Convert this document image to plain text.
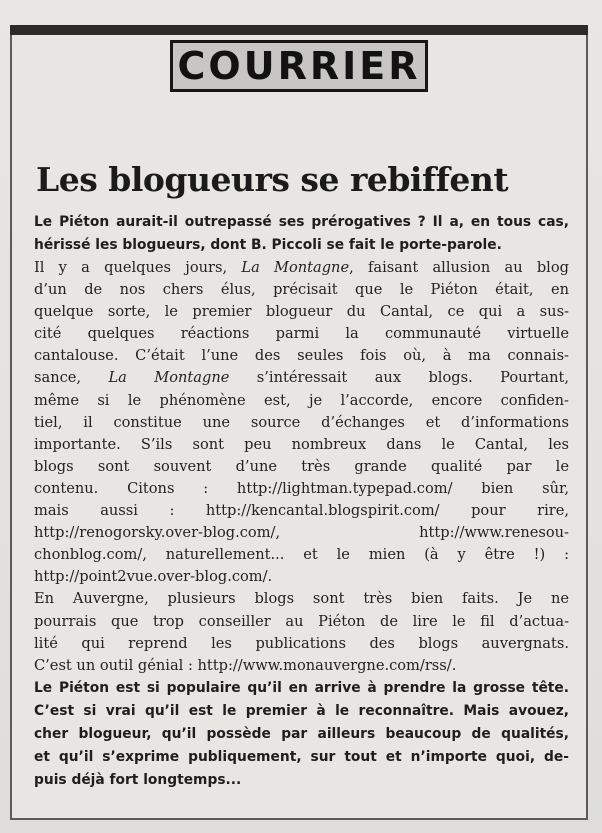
COURRIER
Les blogueurs se rebiffent

Le Piéton aurait-il outrepassé ses prérogatives ? Il a, en tous cas,
hérissé les blogueurs, dont B. Piccoli se fait le porte-parole.

Il y a quelques jours, La Montagne, faisant allusion au blog
d’un de nos chers élus, précisait que le Piéton était, en
quelque sorte, le premier blogueur du Cantal, ce qui a sus-
cité quelques réactions parmi la communauté virtuelle
cantalouse. C’était l’une des seules fois où, à ma connais-
sance, La Montagne s’intéressait aux blogs. Pourtant,
même si le phénomène est, je l’accorde, encore confiden-
tiel, il constitue une source d’échanges et d’informations
importante. S’ils sont peu nombreux dans le Cantal, les
blogs sont souvent d’une très grande qualité par le
contenu. Citons : http://lightman.typepad.com/ bien sûr,
mais aussi : http://kencantal.blogspirit.com/ pour rire,
http://renogorsky.over-blog.com/, http://www.renesou-
chonblog.com/, naturellement... et le mien (à y être !) :
http://point2vue.over-blog.com/.

En Auvergne, plusieurs blogs sont très bien faits. Je ne
pourrais que trop conseiller au Piéton de lire le fil d’actua-
lité qui reprend les publications des blogs auvergnats.
C’est un outil génial : http://www.monauvergne.com/rss/.

Le Piéton est si populaire qu’il en arrive à prendre la grosse tête.
C’est si vrai qu’il est le premier à le reconnaître. Mais avouez,
cher blogueur, qu’il possède par ailleurs beaucoup de qualités,
et qu’il s’exprime publiquement, sur tout et n’importe quoi, de-
puis déjà fort longtemps...
